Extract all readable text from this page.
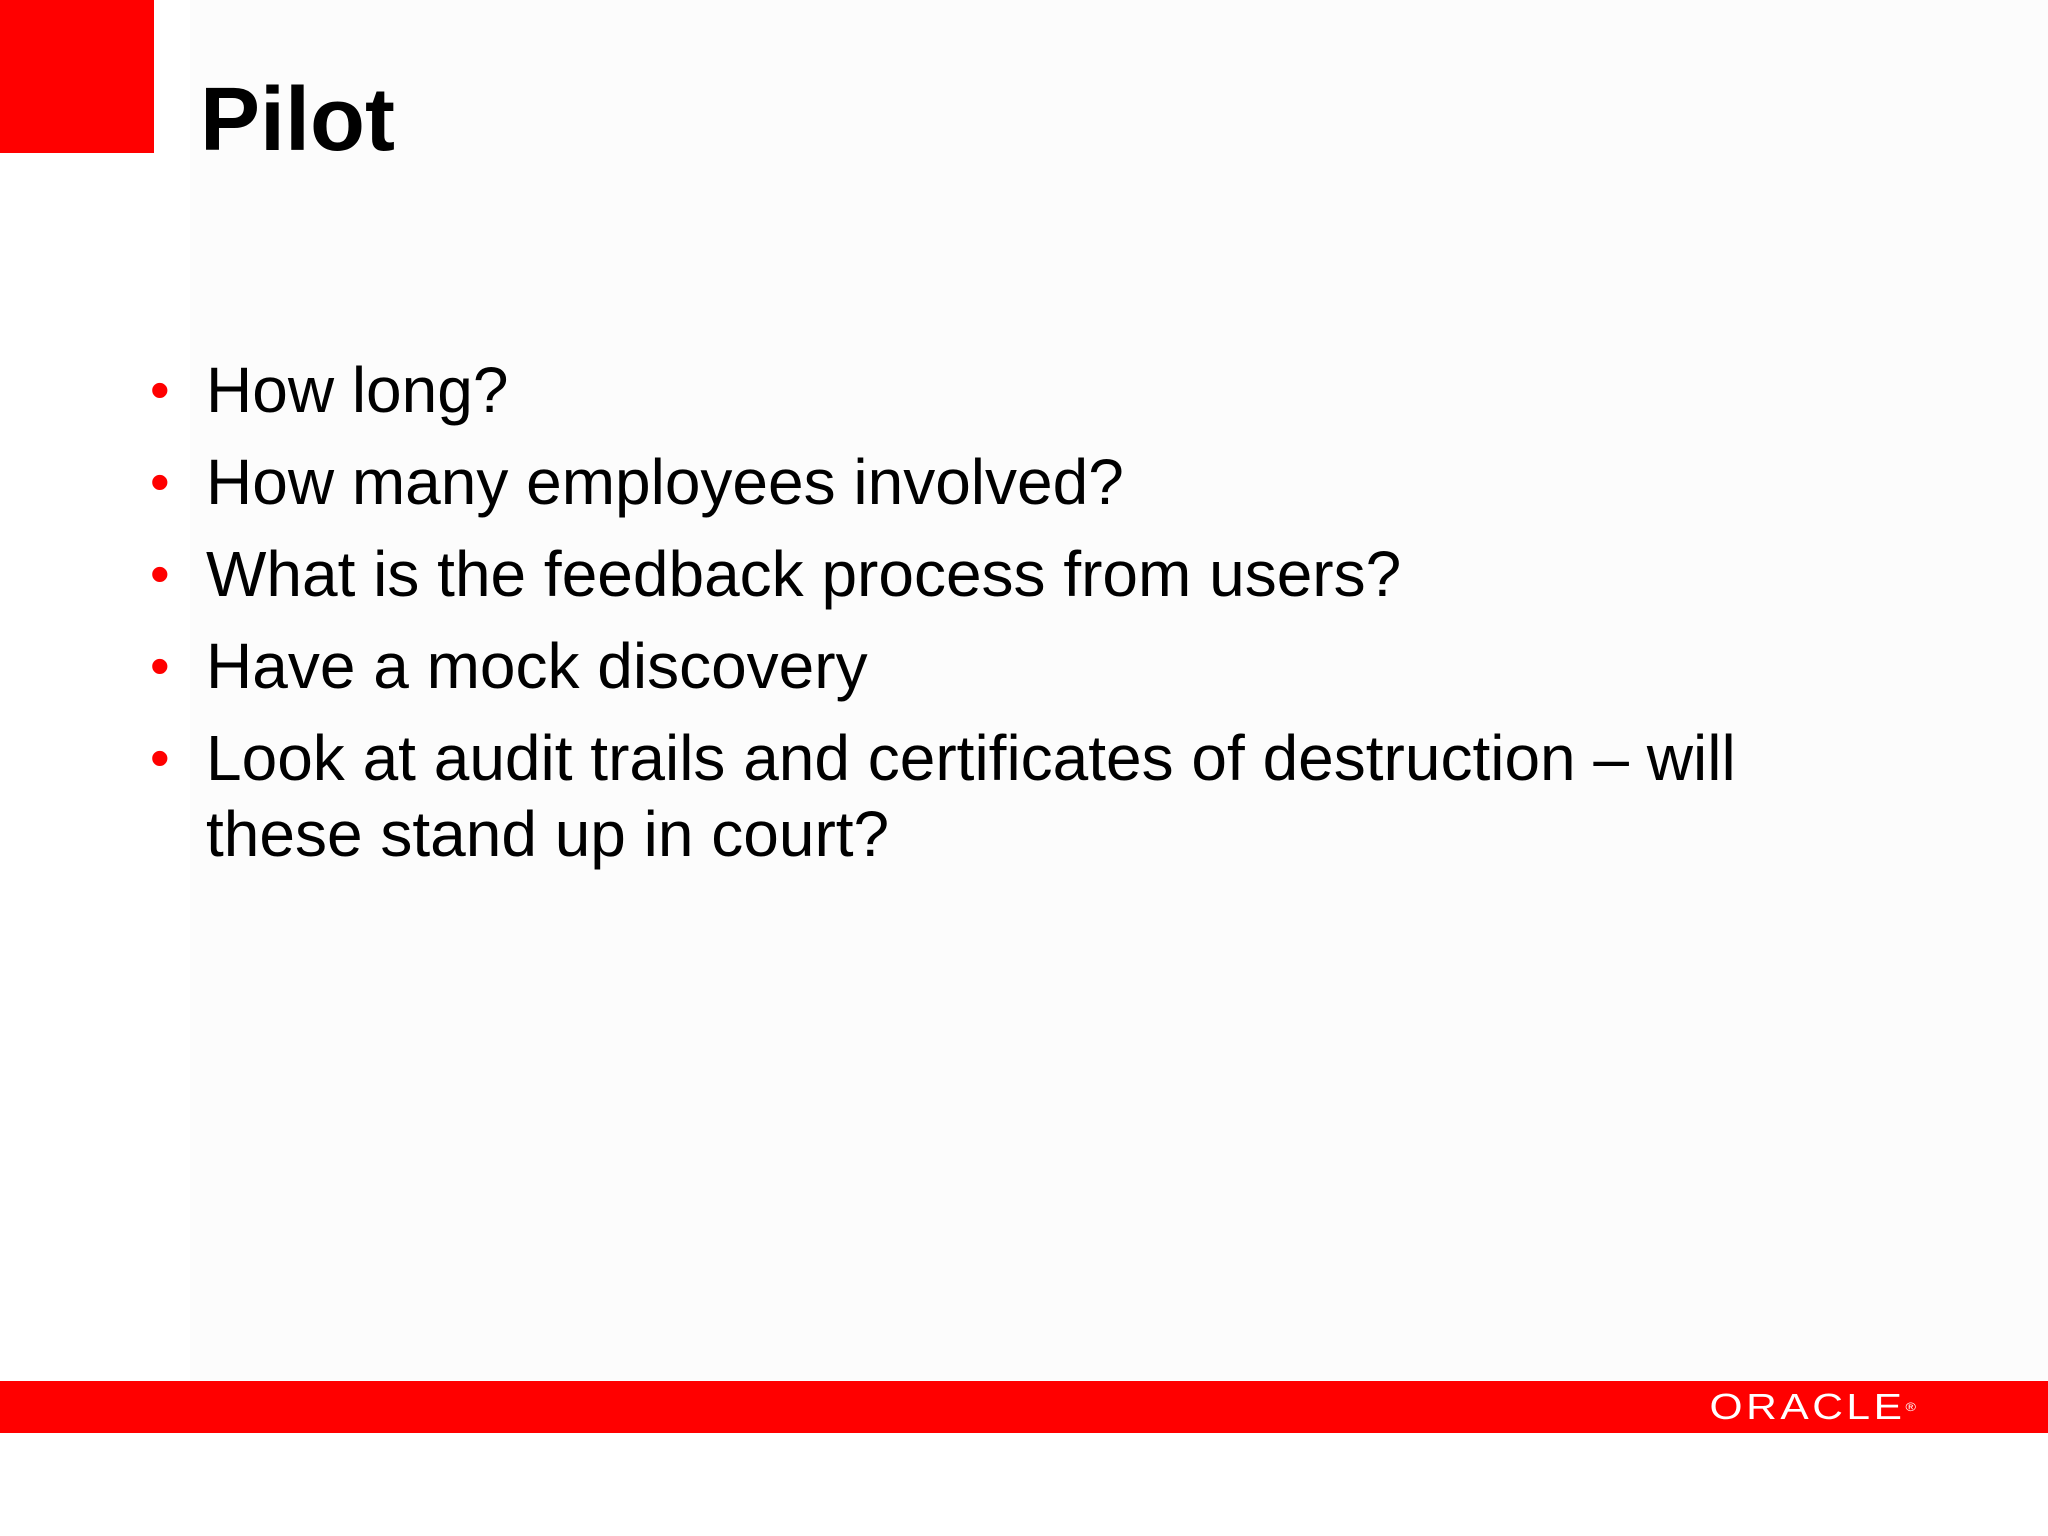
Pilot
• How long?
• How many employees involved?
• What is the feedback process from users?
• Have a mock discovery
• Look at audit trails and certificates of destruction – will these stand up in court?
ORACLE®
